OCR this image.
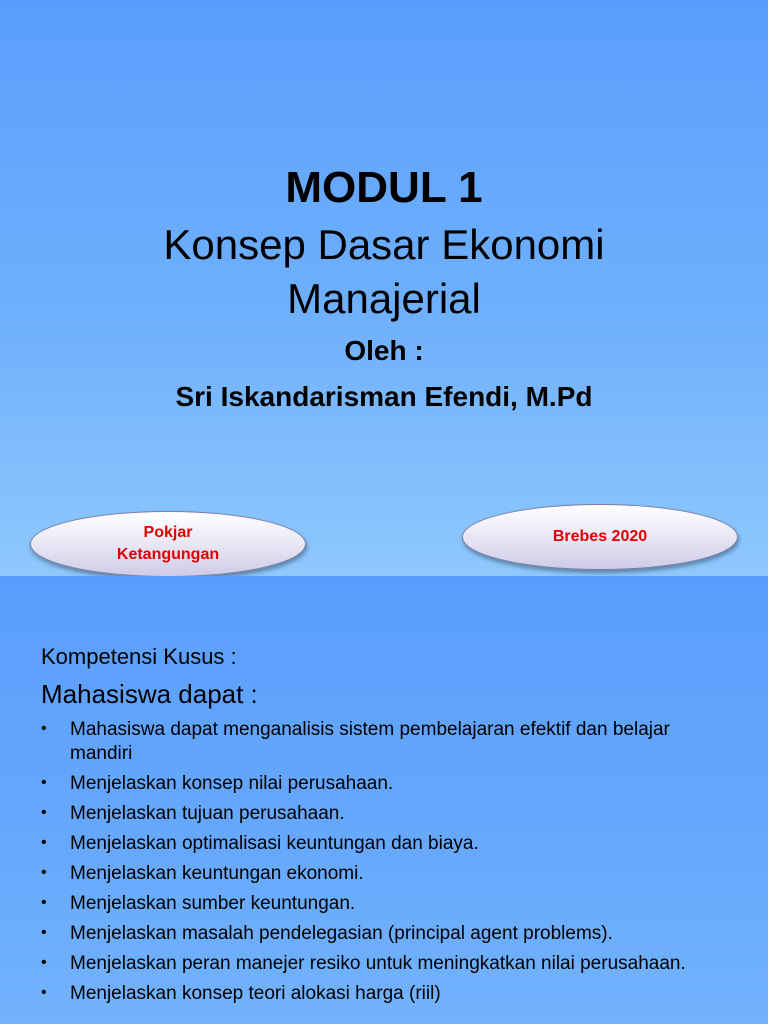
MODUL 1
Konsep Dasar Ekonomi
Manajerial
Oleh :
Sri Iskandarisman Efendi, M.Pd
Pokjar
Ketangungan
Brebes 2020
Kompetensi Kusus :
Mahasiswa dapat :
• Mahasiswa dapat menganalisis sistem pembelajaran efektif dan belajar mandiri
• Menjelaskan konsep nilai perusahaan.
• Menjelaskan tujuan perusahaan.
• Menjelaskan optimalisasi keuntungan dan biaya.
• Menjelaskan keuntungan ekonomi.
• Menjelaskan sumber keuntungan.
• Menjelaskan masalah pendelegasian (principal agent problems).
• Menjelaskan peran manejer resiko untuk meningkatkan nilai perusahaan.
• Menjelaskan konsep teori alokasi harga (riil)
